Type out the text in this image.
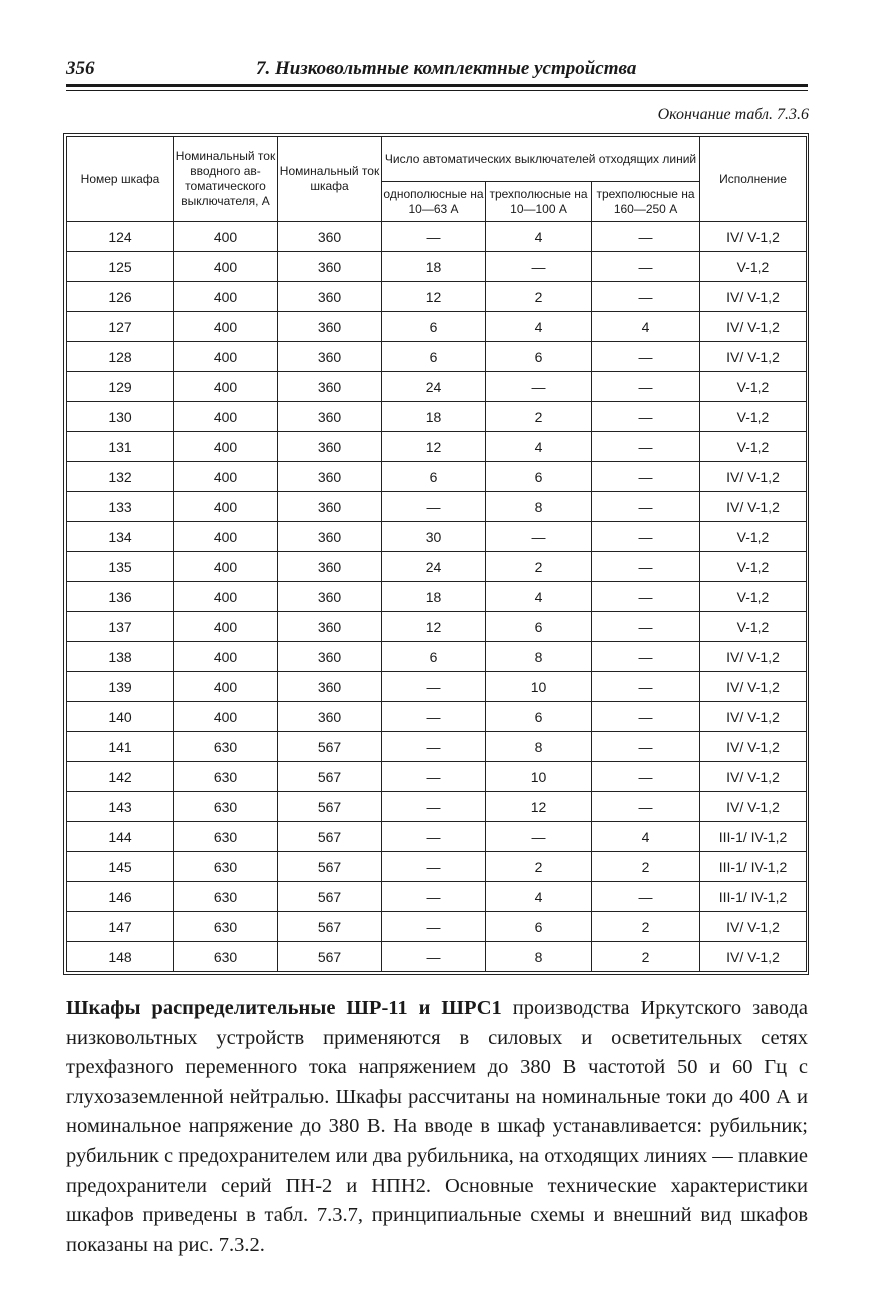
356	7. Низковольтные комплектные устройства
Окончание табл. 7.3.6
Номер шкафа	Номинальный ток вводного ав-томатического выключателя, А	Номинальный ток шкафа	Число автоматических выключателей отходящих линий			Исполнение
			однополюсные на 10—63 А	трехполюсные на 10—100 А	трехполюсные на 160—250 А	
124	400	360	—	4	—	IV/ V-1,2
125	400	360	18	—	—	V-1,2
126	400	360	12	2	—	IV/ V-1,2
127	400	360	6	4	4	IV/ V-1,2
128	400	360	6	6	—	IV/ V-1,2
129	400	360	24	—	—	V-1,2
130	400	360	18	2	—	V-1,2
131	400	360	12	4	—	V-1,2
132	400	360	6	6	—	IV/ V-1,2
133	400	360	—	8	—	IV/ V-1,2
134	400	360	30	—	—	V-1,2
135	400	360	24	2	—	V-1,2
136	400	360	18	4	—	V-1,2
137	400	360	12	6	—	V-1,2
138	400	360	6	8	—	IV/ V-1,2
139	400	360	—	10	—	IV/ V-1,2
140	400	360	—	6	—	IV/ V-1,2
141	630	567	—	8	—	IV/ V-1,2
142	630	567	—	10	—	IV/ V-1,2
143	630	567	—	12	—	IV/ V-1,2
144	630	567	—	—	4	III-1/ IV-1,2
145	630	567	—	2	2	III-1/ IV-1,2
146	630	567	—	4	—	III-1/ IV-1,2
147	630	567	—	6	2	IV/ V-1,2
148	630	567	—	8	2	IV/ V-1,2

Шкафы распределительные ШР-11 и ШРС1 производства Иркутского завода низковольтных устройств применяются в силовых и осветительных сетях трехфазного переменного тока напряжением до 380 В частотой 50 и 60 Гц с глухозаземленной нейтралью. Шкафы рассчитаны на номинальные токи до 400 А и номинальное напряжение до 380 В. На вводе в шкаф устанавливается: рубильник; рубильник с предохранителем или два рубильника, на отходящих линиях — плавкие предохранители серий ПН-2 и НПН2. Основные технические характеристики шкафов приведены в табл. 7.3.7, принципиальные схемы и внешний вид шкафов показаны на рис. 7.3.2.
